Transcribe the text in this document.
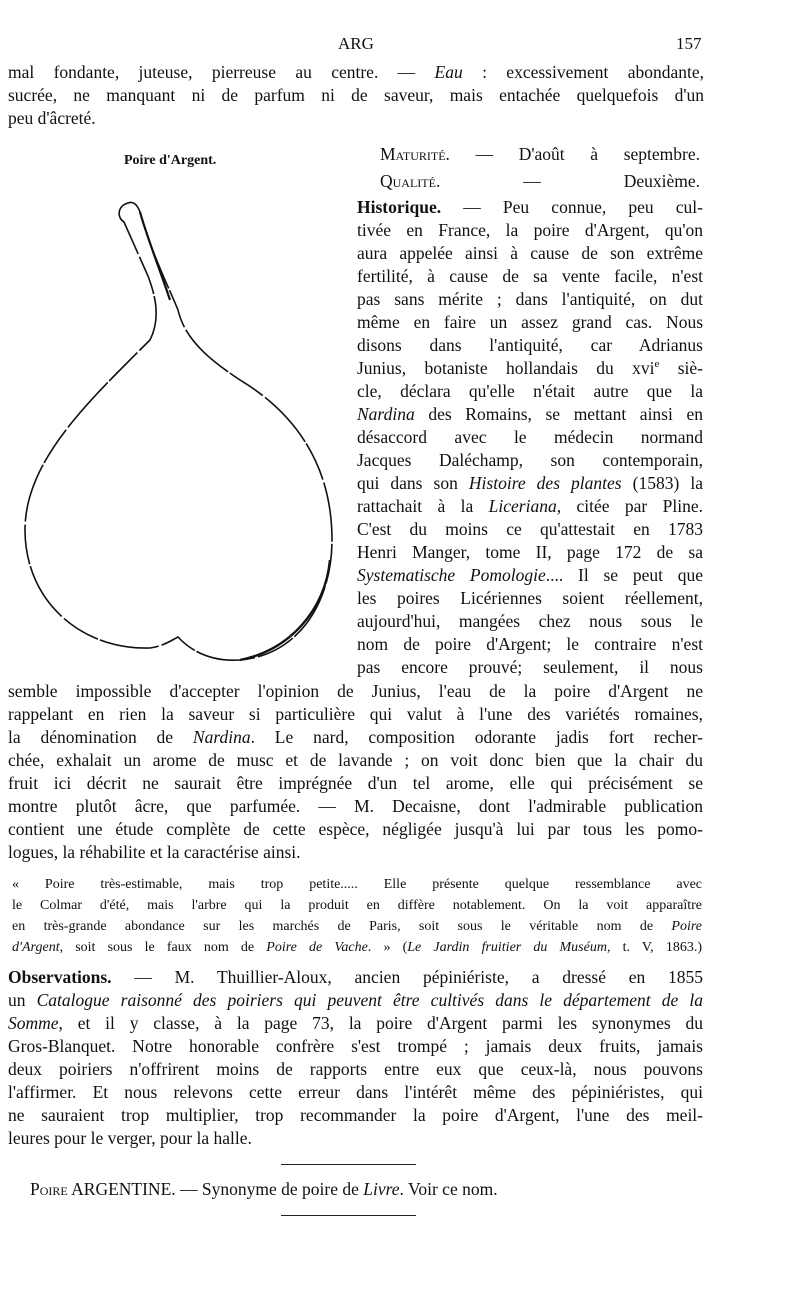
ARG	157
mal fondante, juteuse, pierreuse au centre. — Eau : excessivement abondante,
sucrée, ne manquant ni de parfum ni de saveur, mais entachée quelquefois d'un
peu d'âcreté.
Poire d'Argent.	Maturité. — D'août à septembre.
Qualité. — Deuxième.
Historique. — Peu connue, peu cul-
tivée en France, la poire d'Argent, qu'on
aura appelée ainsi à cause de son extrême
fertilité, à cause de sa vente facile, n'est
pas sans mérite ; dans l'antiquité, on dut
même en faire un assez grand cas. Nous
disons dans l'antiquité, car Adrianus
Junius, botaniste hollandais du xvi$^e$ siè-
cle, déclara qu'elle n'était autre que la
Nardina des Romains, se mettant ainsi en
désaccord avec le médecin normand
Jacques Daléchamp, son contemporain,
qui dans son Histoire des plantes (1583) la
rattachait à la Liceriana, citée par Pline.
C'est du moins ce qu'attestait en 1783
Henri Manger, tome II, page 172 de sa
Systematische Pomologie.... Il se peut que
les poires Licériennes soient réellement,
aujourd'hui, mangées chez nous sous le
nom de poire d'Argent; le contraire n'est
pas encore prouvé; seulement, il nous
semble impossible d'accepter l'opinion de Junius, l'eau de la poire d'Argent ne
rappelant en rien la saveur si particulière qui valut à l'une des variétés romaines,
la dénomination de Nardina. Le nard, composition odorante jadis fort recher-
chée, exhalait un arome de musc et de lavande ; on voit donc bien que la chair du
fruit ici décrit ne saurait être imprégnée d'un tel arome, elle qui précisément se
montre plutôt âcre, que parfumée. — M. Decaisne, dont l'admirable publication
contient une étude complète de cette espèce, négligée jusqu'à lui par tous les pomo-
logues, la réhabilite et la caractérise ainsi.
« Poire très-estimable, mais trop petite..... Elle présente quelque ressemblance avec
le Colmar d'été, mais l'arbre qui la produit en diffère notablement. On la voit apparaître
en très-grande abondance sur les marchés de Paris, soit sous le véritable nom de Poire
d'Argent, soit sous le faux nom de Poire de Vache. » (Le Jardin fruitier du Muséum, t. V, 1863.)
Observations. — M. Thuillier-Aloux, ancien pépiniériste, a dressé en 1855
un Catalogue raisonné des poiriers qui peuvent être cultivés dans le département de la
Somme, et il y classe, à la page 73, la poire d'Argent parmi les synonymes du
Gros-Blanquet. Notre honorable confrère s'est trompé ; jamais deux fruits, jamais
deux poiriers n'offrirent moins de rapports entre eux que ceux-là, nous pouvons
l'affirmer. Et nous relevons cette erreur dans l'intérêt même des pépiniéristes, qui
ne sauraient trop multiplier, trop recommander la poire d'Argent, l'une des meil-
leures pour le verger, pour la halle.
Poire ARGENTINE. — Synonyme de poire de Livre. Voir ce nom.
